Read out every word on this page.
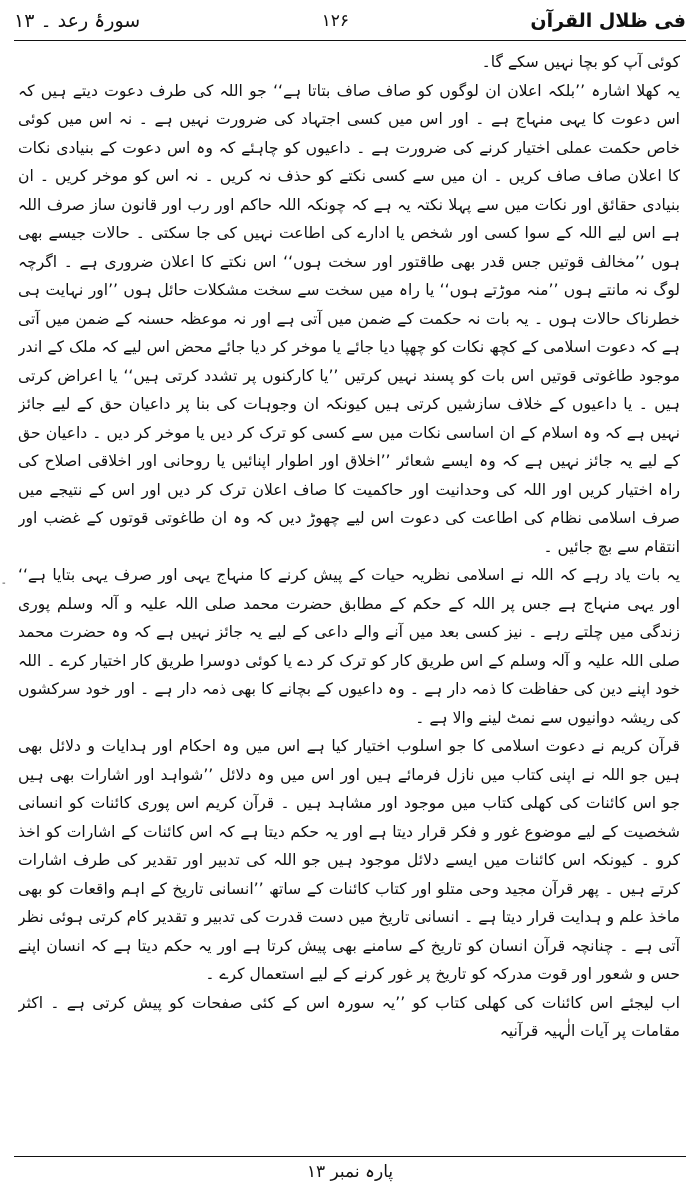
سورۂ رعد ۔ ۱۳	۱۲۶	فی ظلال القرآن

کوئی آپ کو بچا نہیں سکے گا۔

یہ کھلا اشارہ ’’بلکہ اعلان ان لوگوں کو صاف صاف بتاتا ہے‘‘ جو اللہ کی طرف دعوت دیتے ہیں کہ اس دعوت کا یہی منہاج ہے ۔ اور اس میں کسی اجتہاد کی ضرورت نہیں ہے ۔ نہ اس میں کوئی خاص حکمت عملی اختیار کرنے کی ضرورت ہے ۔ داعیوں کو چاہئے کہ وہ اس دعوت کے بنیادی نکات کا اعلان صاف صاف کریں ۔ ان میں سے کسی نکتے کو حذف نہ کریں ۔ نہ اس کو موخر کریں ۔ ان بنیادی حقائق اور نکات میں سے پہلا نکتہ یہ ہے کہ چونکہ اللہ حاکم اور رب اور قانون ساز صرف اللہ ہے اس لیے اللہ کے سوا کسی اور شخص یا ادارے کی اطاعت نہیں کی جا سکتی ۔ حالات جیسے بھی ہوں ’’مخالف قوتیں جس قدر بھی طاقتور اور سخت ہوں‘‘ اس نکتے کا اعلان ضروری ہے ۔ اگرچہ لوگ نہ مانتے ہوں ’’منہ موڑتے ہوں‘‘ یا راہ میں سخت سے سخت مشکلات حائل ہوں ’’اور نہایت ہی خطرناک حالات ہوں ۔ یہ بات نہ حکمت کے ضمن میں آتی ہے اور نہ موعظہ حسنہ کے ضمن میں آتی ہے کہ دعوت اسلامی کے کچھ نکات کو چھپا دیا جائے یا موخر کر دیا جائے محض اس لیے کہ ملک کے اندر موجود طاغوتی قوتیں اس بات کو پسند نہیں کرتیں ’’یا کارکنوں پر تشدد کرتی ہیں‘‘ یا اعراض کرتی ہیں ۔ یا داعیوں کے خلاف سازشیں کرتی ہیں کیونکہ ان وجوہات کی بنا پر داعیان حق کے لیے جائز نہیں ہے کہ وہ اسلام کے ان اساسی نکات میں سے کسی کو ترک کر دیں یا موخر کر دیں ۔ داعیان حق کے لیے یہ جائز نہیں ہے کہ وہ ایسے شعائر ’’اخلاق اور اطوار اپنائیں یا روحانی اور اخلاقی اصلاح کی راہ اختیار کریں اور اللہ کی وحدانیت اور حاکمیت کا صاف اعلان ترک کر دیں اور اس کے نتیجے میں صرف اسلامی نظام کی اطاعت کی دعوت اس لیے چھوڑ دیں کہ وہ ان طاغوتی قوتوں کے غضب اور انتقام سے بچ جائیں ۔

یہ بات یاد رہے کہ اللہ نے اسلامی نظریہ حیات کے پیش کرنے کا منہاج یہی اور صرف یہی بتایا ہے‘‘ اور یہی منہاج ہے جس پر اللہ کے حکم کے مطابق حضرت محمد صلی اللہ علیہ و آلہ وسلم پوری زندگی میں چلتے رہے ۔ نیز کسی بعد میں آنے والے داعی کے لیے یہ جائز نہیں ہے کہ وہ حضرت محمد صلی اللہ علیہ و آلہ وسلم کے اس طریق کار کو ترک کر دے یا کوئی دوسرا طریق کار اختیار کرے ۔ اللہ خود اپنے دین کی حفاظت کا ذمہ دار ہے ۔ وہ داعیوں کے بچانے کا بھی ذمہ دار ہے ۔ اور خود سرکشوں کی ریشہ دوانیوں سے نمٹ لینے والا ہے ۔

قرآن کریم نے دعوت اسلامی کا جو اسلوب اختیار کیا ہے اس میں وہ احکام اور ہدایات و دلائل بھی ہیں جو اللہ نے اپنی کتاب میں نازل فرمائے ہیں اور اس میں وہ دلائل ’’شواہد اور اشارات بھی ہیں جو اس کائنات کی کھلی کتاب میں موجود اور مشاہد ہیں ۔ قرآن کریم اس پوری کائنات کو انسانی شخصیت کے لیے موضوع غور و فکر قرار دیتا ہے اور یہ حکم دیتا ہے کہ اس کائنات کے اشارات کو اخذ کرو ۔ کیونکہ اس کائنات میں ایسے دلائل موجود ہیں جو اللہ کی تدبیر اور تقدیر کی طرف اشارات کرتے ہیں ۔ پھر قرآن مجید وحی متلو اور کتاب کائنات کے ساتھ ’’انسانی تاریخ کے اہم واقعات کو بھی ماخذ علم و ہدایت قرار دیتا ہے ۔ انسانی تاریخ میں دست قدرت کی تدبیر و تقدیر کام کرتی ہوئی نظر آتی ہے ۔ چنانچہ قرآن انسان کو تاریخ کے سامنے بھی پیش کرتا ہے اور یہ حکم دیتا ہے کہ انسان اپنے حس و شعور اور قوت مدرکہ کو تاریخ پر غور کرنے کے لیے استعمال کرے ۔

اب لیجئے اس کائنات کی کھلی کتاب کو ’’یہ سورہ اس کے کئی صفحات کو پیش کرتی ہے ۔ اکثر مقامات پر آیات الٰہیہ قرآنیہ

-
پارہ نمبر ۱۳
